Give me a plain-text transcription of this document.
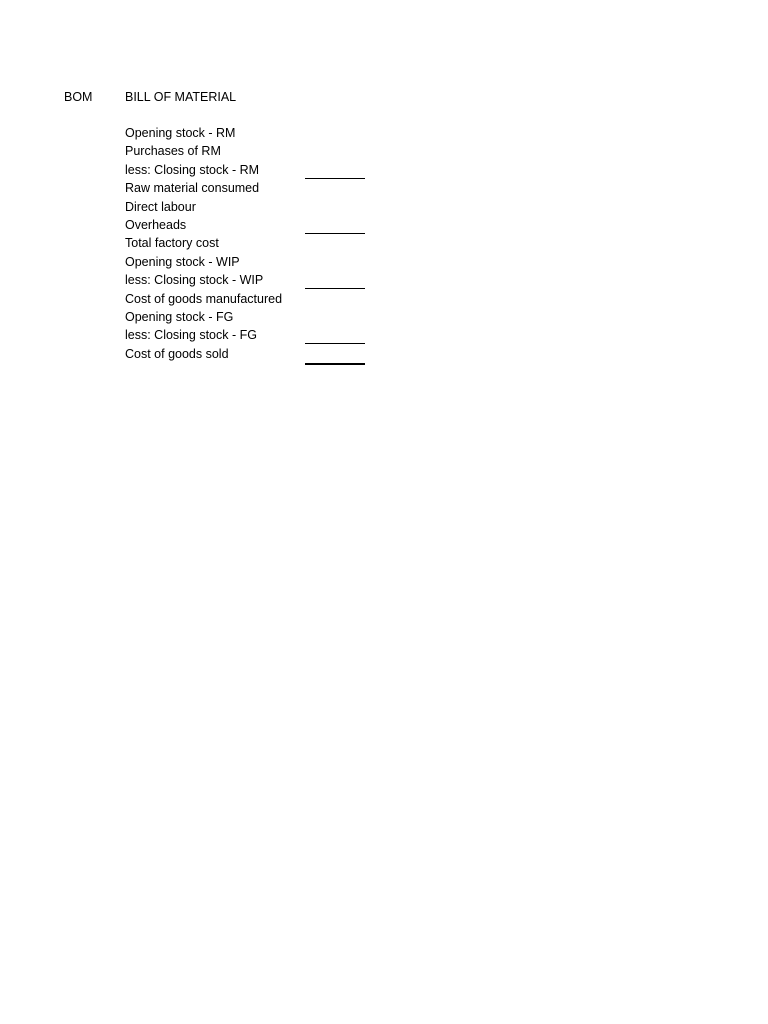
BOM	BILL OF MATERIAL
Opening stock - RM
Purchases of RM
less: Closing stock - RM
Raw material consumed
Direct labour
Overheads
Total factory cost
Opening stock - WIP
less: Closing stock - WIP
Cost of goods manufactured
Opening stock - FG
less: Closing stock - FG
Cost of goods sold
